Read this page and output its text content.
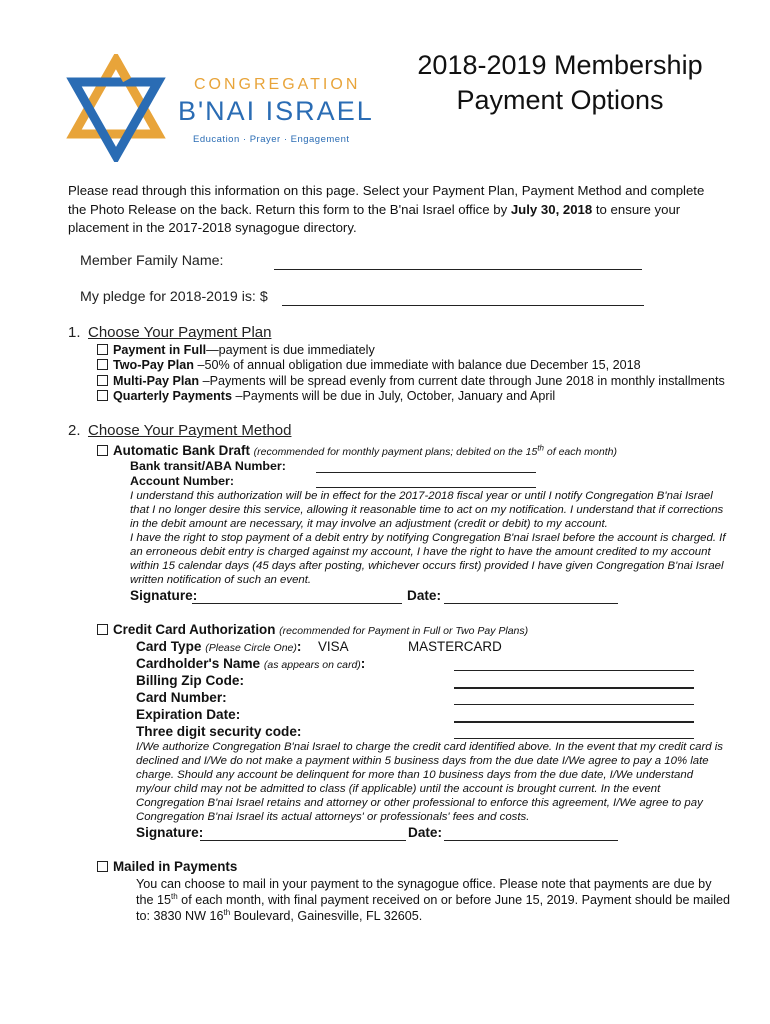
CONGREGATION
B'NAI ISRAEL
Education · Prayer · Engagement
2018-2019 Membership
Payment Options
Please read through this information on this page. Select your Payment Plan, Payment Method and complete the Photo Release on the back. Return this form to the B'nai Israel office by July 30, 2018 to ensure your placement in the 2017-2018 synagogue directory.
Member Family Name:
My pledge for 2018-2019 is: $
1. Choose Your Payment Plan
Payment in Full—payment is due immediately
Two-Pay Plan –50% of annual obligation due immediate with balance due December 15, 2018
Multi-Pay Plan –Payments will be spread evenly from current date through June 2018 in monthly installments
Quarterly Payments –Payments will be due in July, October, January and April
2. Choose Your Payment Method
Automatic Bank Draft (recommended for monthly payment plans; debited on the 15th of each month)
Bank transit/ABA Number:
Account Number:
I understand this authorization will be in effect for the 2017-2018 fiscal year or until I notify Congregation B'nai Israel that I no longer desire this service, allowing it reasonable time to act on my notification. I understand that if corrections in the debit amount are necessary, it may involve an adjustment (credit or debit) to my account.
I have the right to stop payment of a debit entry by notifying Congregation B'nai Israel before the account is charged. If an erroneous debit entry is charged against my account, I have the right to have the amount credited to my account within 15 calendar days (45 days after posting, whichever occurs first) provided I have given Congregation B'nai Israel written notification of such an event.
Signature:	Date:
Credit Card Authorization (recommended for Payment in Full or Two Pay Plans)
Card Type (Please Circle One): VISA	MASTERCARD
Cardholder's Name (as appears on card):
Billing Zip Code:
Card Number:
Expiration Date:
Three digit security code:
I/We authorize Congregation B'nai Israel to charge the credit card identified above. In the event that my credit card is declined and I/We do not make a payment within 5 business days from the due date I/We agree to pay a 10% late charge. Should any account be delinquent for more than 10 business days from the due date, I/We understand my/our child may not be admitted to class (if applicable) until the account is brought current. In the event Congregation B'nai Israel retains and attorney or other professional to enforce this agreement, I/We agree to pay Congregation B'nai Israel its actual attorneys' or professionals' fees and costs.
Signature:	Date:
Mailed in Payments
You can choose to mail in your payment to the synagogue office. Please note that payments are due by the 15th of each month, with final payment received on or before June 15, 2019. Payment should be mailed to: 3830 NW 16th Boulevard, Gainesville, FL 32605.
